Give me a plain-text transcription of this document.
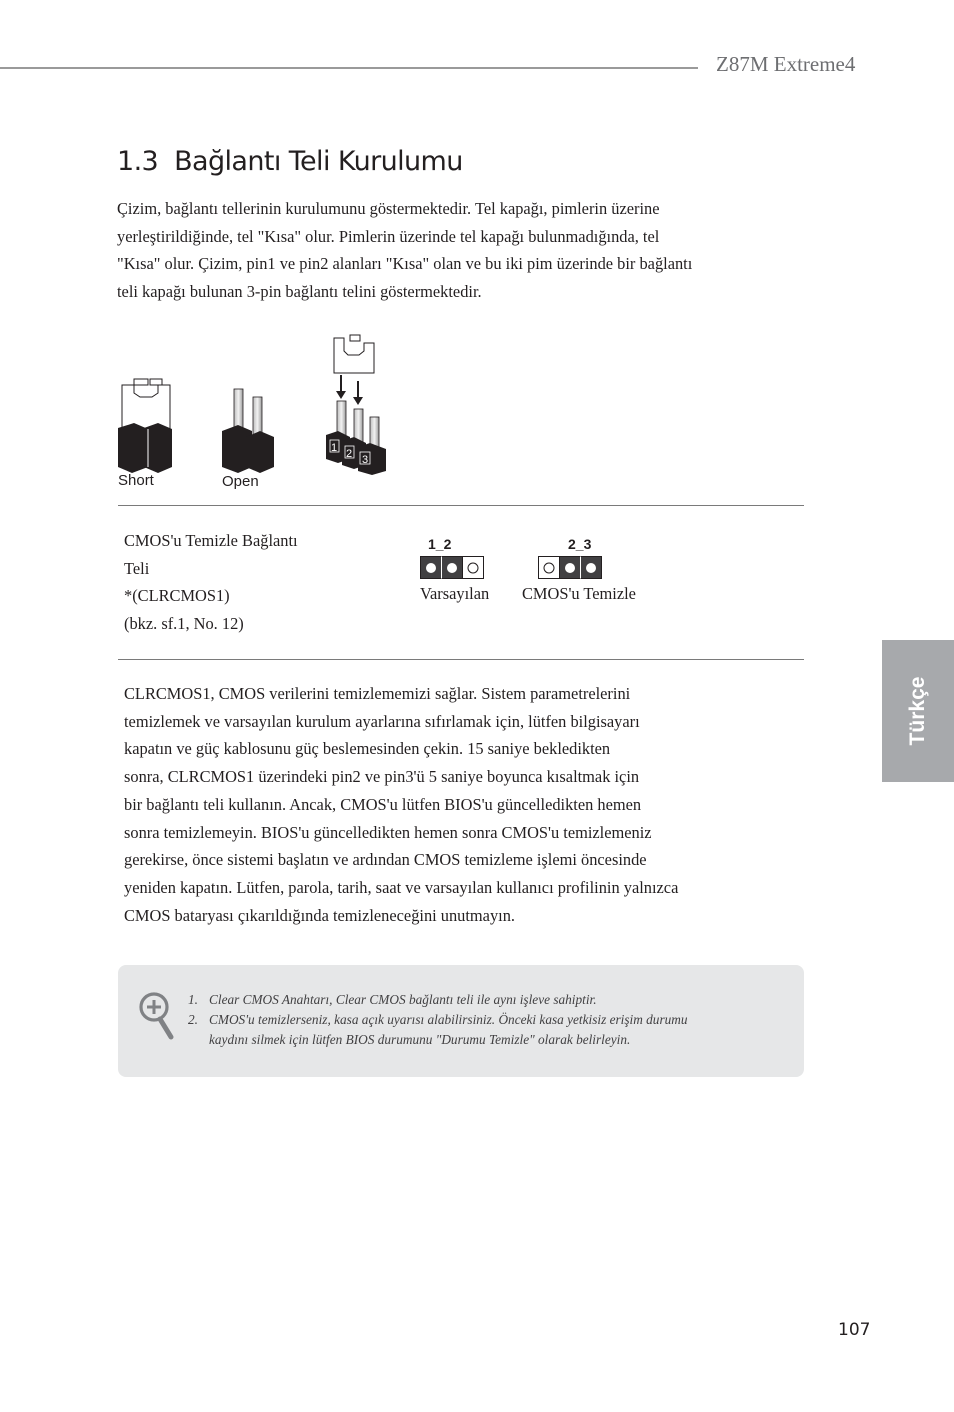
Z87M Extreme4
1.3 Bağlantı Teli Kurulumu
Çizim, bağlantı tellerinin kurulumunu göstermektedir. Tel kapağı, pimlerin üzerine
yerleştirildiğinde, tel "Kısa" olur. Pimlerin üzerinde tel kapağı bulunmadığında, tel
"Kısa" olur. Çizim, pin1 ve pin2 alanları "Kısa" olan ve bu iki pim üzerinde bir bağlantı
teli kapağı bulunan 3-pin bağlantı telini göstermektedir.
1 2 3
Short	Open
CMOS'u Temizle Bağlantı
Teli
*(CLRCMOS1)
(bkz. sf.1, No. 12)
1_2
Varsayılan
2_3
CMOS'u Temizle
CLRCMOS1, CMOS verilerini temizlememizi sağlar. Sistem parametrelerini
temizlemek ve varsayılan kurulum ayarlarına sıfırlamak için, lütfen bilgisayarı
kapatın ve güç kablosunu güç beslemesinden çekin. 15 saniye bekledikten
sonra, CLRCMOS1 üzerindeki pin2 ve pin3'ü 5 saniye boyunca kısaltmak için
bir bağlantı teli kullanın. Ancak, CMOS'u lütfen BIOS'u güncelledikten hemen
sonra temizlemeyin. BIOS'u güncelledikten hemen sonra CMOS'u temizlemeniz
gerekirse, önce sistemi başlatın ve ardından CMOS temizleme işlemi öncesinde
yeniden kapatın. Lütfen, parola, tarih, saat ve varsayılan kullanıcı profilinin yalnızca
CMOS bataryası çıkarıldığında temizleneceğini unutmayın.
Türkçe
1. Clear CMOS Anahtarı, Clear CMOS bağlantı teli ile aynı işleve sahiptir.
2. CMOS'u temizlerseniz, kasa açık uyarısı alabilirsiniz. Önceki kasa yetkisiz erişim durumu
kaydını silmek için lütfen BIOS durumunu "Durumu Temizle" olarak belirleyin.
107
